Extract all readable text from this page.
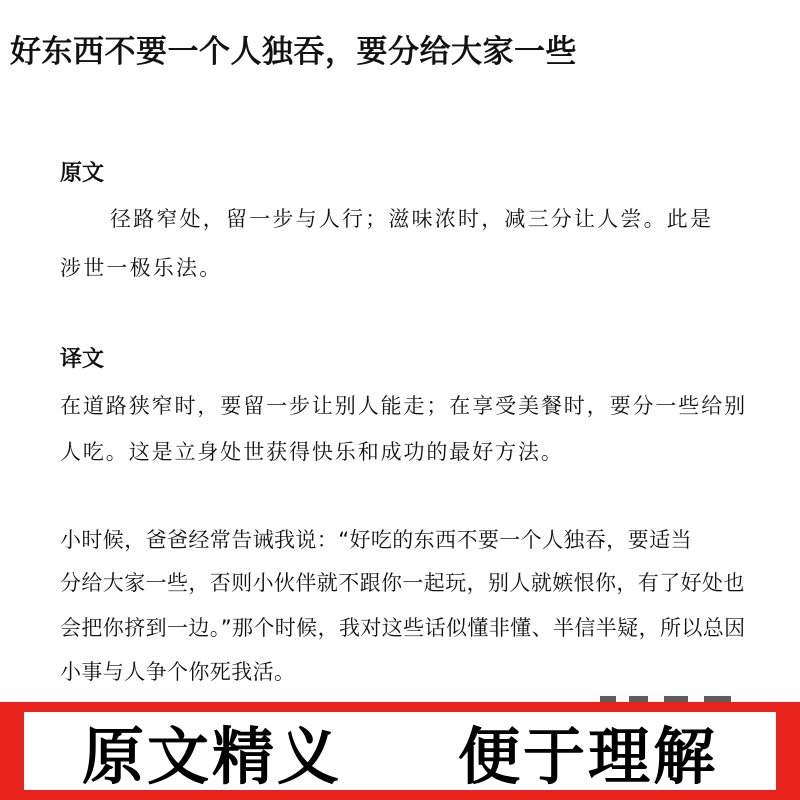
好东西不要一个人独吞，要分给大家一些
原文

径路窄处，留一步与人行；滋味浓时，减三分让人尝。此是

涉世一极乐法。

译文

在道路狭窄时，要留一步让别人能走；在享受美餐时，要分一些给别

人吃。这是立身处世获得快乐和成功的最好方法。

小时候，爸爸经常告诫我说：“好吃的东西不要一个人独吞，要适当

分给大家一些，否则小伙伴就不跟你一起玩，别人就嫉恨你，有了好处也

会把你挤到一边。”那个时候，我对这些话似懂非懂、半信半疑，所以总因

小事与人争个你死我活。

原文精义 便于理解
